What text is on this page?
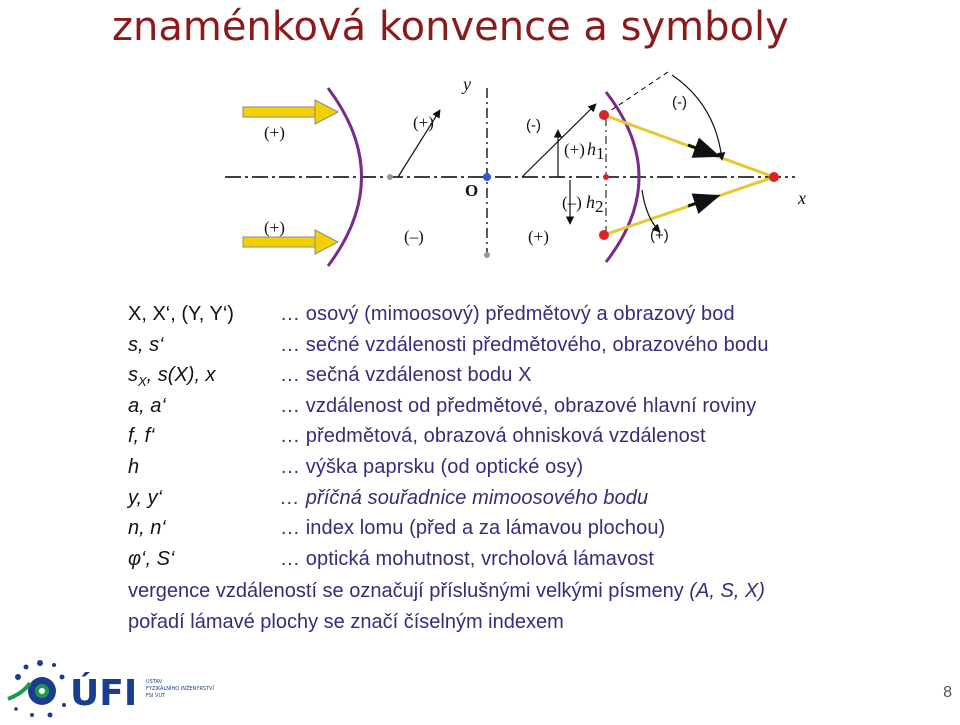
znaménková konvence a symboly
y
x
O
(+)
(+)
(+)	(-)
(-)
(+)
(–)	(+)
(+) h 1
(–) h 2
X, X‘, (Y, Y‘) … osový (mimoosový) předmětový a obrazový bod
s, s‘	… sečné vzdálenosti předmětového, obrazového bodu
$s_X$, s(X), x	… sečná vzdálenost bodu X
a, a‘	… vzdálenost od předmětové, obrazové hlavní roviny
f, f‘	… předmětová, obrazová ohnisková vzdálenost
h	… výška paprsku (od optické osy)
y, y‘	… příčná souřadnice mimoosového bodu
n, n‘	… index lomu (před a za lámavou plochou)
φ‘, S‘	… optická mohutnost, vrcholová lámavost
vergence vzdáleností se označují příslušnými velkými písmeny (A, S, X)
pořadí lámavé plochy se značí číselným indexem
ÚFI ÚSTAV
FYZIKÁLNÍHO INŽENÝRSTVÍ
FSI VUT	8
